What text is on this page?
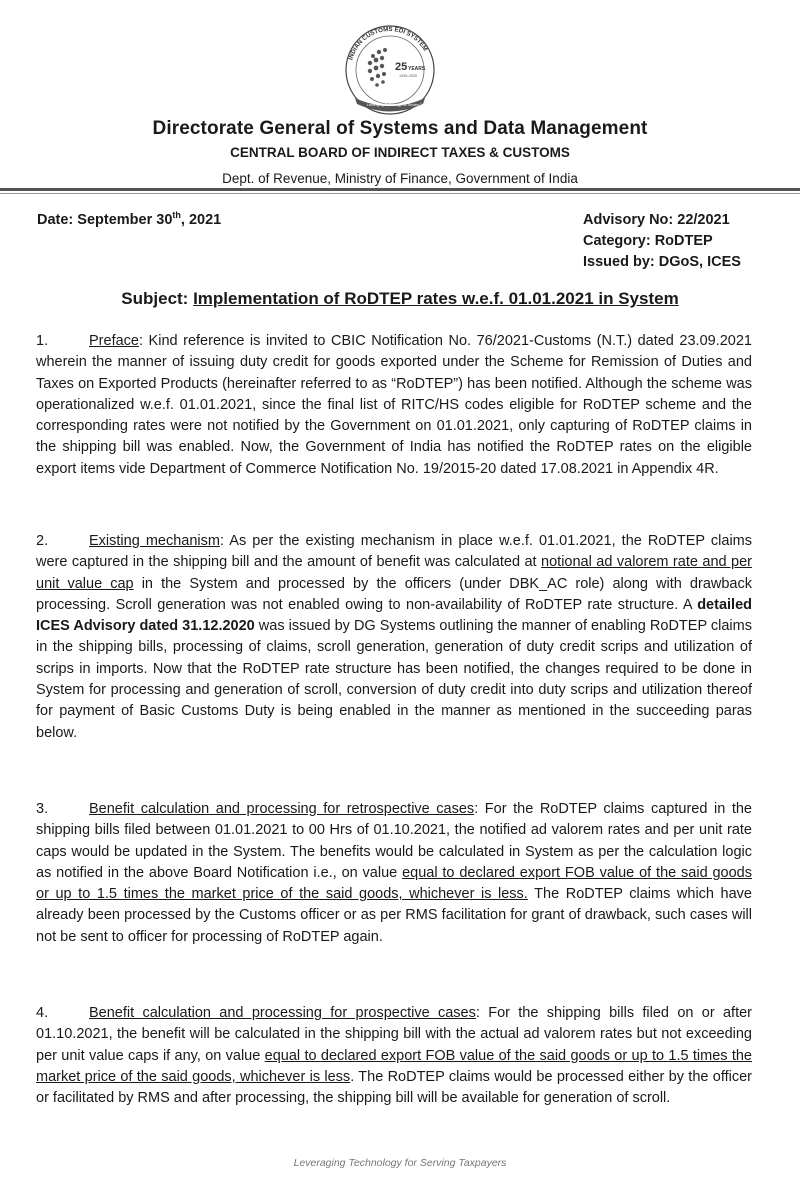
INDIAN CUSTOMS EDI SYSTEM
25 YEARS
1995-2020
Leveraging Technology for Serving Taxpayers
Directorate General of Systems and Data Management
CENTRAL BOARD OF INDIRECT TAXES & CUSTOMS
Dept. of Revenue, Ministry of Finance, Government of India
Date: September 30th, 2021	Advisory No: 22/2021
Category: RoDTEP
Issued by: DGoS, ICES
Subject: Implementation of RoDTEP rates w.e.f. 01.01.2021 in System
1.	Preface: Kind reference is invited to CBIC Notification No. 76/2021-Customs (N.T.) dated 23.09.2021 wherein the manner of issuing duty credit for goods exported under the Scheme for Remission of Duties and Taxes on Exported Products (hereinafter referred to as “RoDTEP”) has been notified. Although the scheme was operationalized w.e.f. 01.01.2021, since the final list of RITC/HS codes eligible for RoDTEP scheme and the corresponding rates were not notified by the Government on 01.01.2021, only capturing of RoDTEP claims in the shipping bill was enabled. Now, the Government of India has notified the RoDTEP rates on the eligible export items vide Department of Commerce Notification No. 19/2015-20 dated 17.08.2021 in Appendix 4R.
2.	Existing mechanism: As per the existing mechanism in place w.e.f. 01.01.2021, the RoDTEP claims were captured in the shipping bill and the amount of benefit was calculated at notional ad valorem rate and per unit value cap in the System and processed by the officers (under DBK_AC role) along with drawback processing. Scroll generation was not enabled owing to non-availability of RoDTEP rate structure. A detailed ICES Advisory dated 31.12.2020 was issued by DG Systems outlining the manner of enabling RoDTEP claims in the shipping bills, processing of claims, scroll generation, generation of duty credit scrips and utilization of scrips in imports. Now that the RoDTEP rate structure has been notified, the changes required to be done in System for processing and generation of scroll, conversion of duty credit into duty scrips and utilization thereof for payment of Basic Customs Duty is being enabled in the manner as mentioned in the succeeding paras below.
3.	Benefit calculation and processing for retrospective cases: For the RoDTEP claims captured in the shipping bills filed between 01.01.2021 to 00 Hrs of 01.10.2021, the notified ad valorem rates and per unit rate caps would be updated in the System. The benefits would be calculated in System as per the calculation logic as notified in the above Board Notification i.e., on value equal to declared export FOB value of the said goods or up to 1.5 times the market price of the said goods, whichever is less. The RoDTEP claims which have already been processed by the Customs officer or as per RMS facilitation for grant of drawback, such cases will not be sent to officer for processing of RoDTEP again.
4.	Benefit calculation and processing for prospective cases: For the shipping bills filed on or after 01.10.2021, the benefit will be calculated in the shipping bill with the actual ad valorem rates but not exceeding per unit value caps if any, on value equal to declared export FOB value of the said goods or up to 1.5 times the market price of the said goods, whichever is less. The RoDTEP claims would be processed either by the officer or facilitated by RMS and after processing, the shipping bill will be available for generation of scroll.
Leveraging Technology for Serving Taxpayers
